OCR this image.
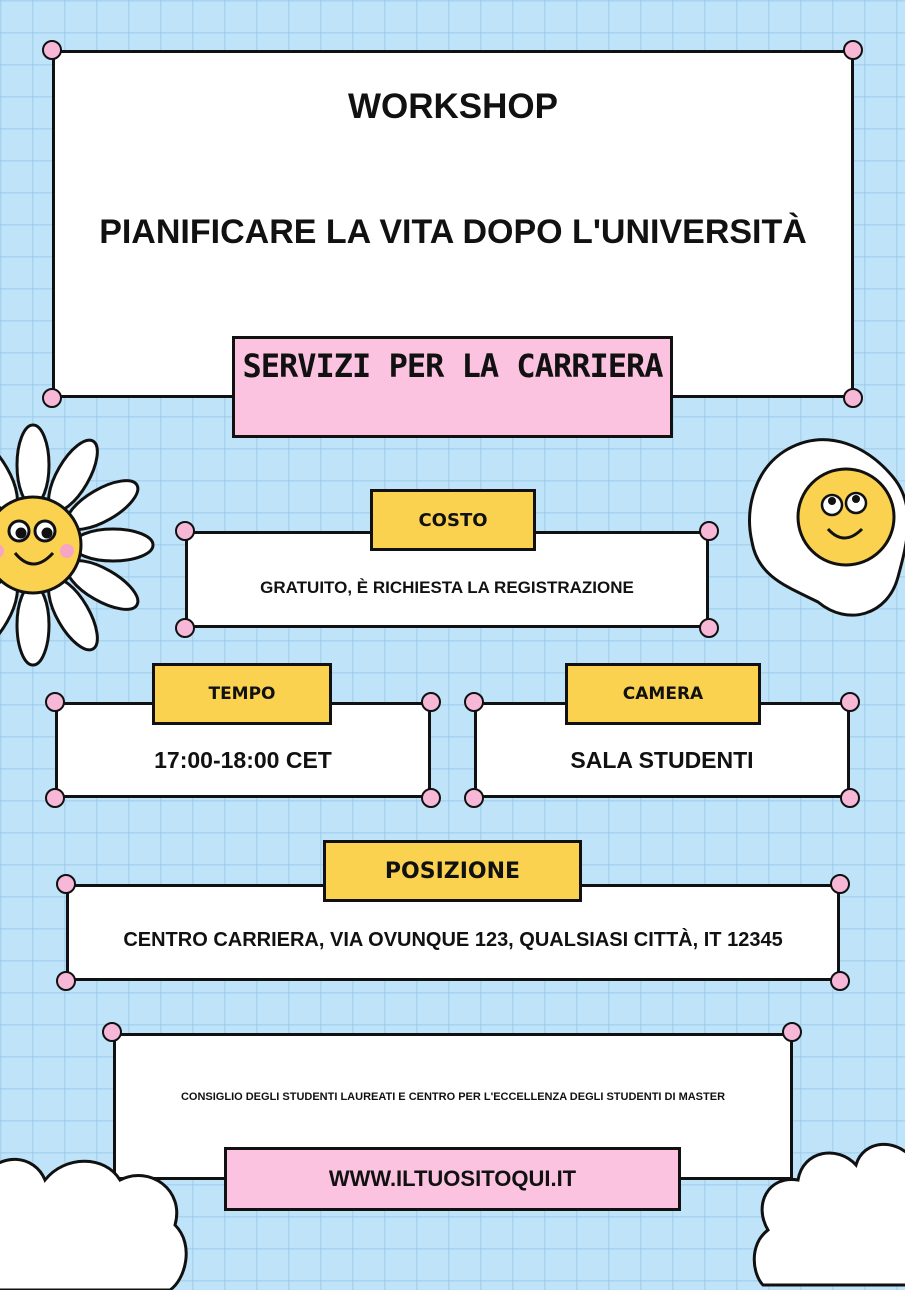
WORKSHOP
PIANIFICARE LA VITA DOPO L'UNIVERSITÀ
SERVIZI PER LA CARRIERA
GRATUITO, È RICHIESTA LA REGISTRAZIONE
COSTO
17:00-18:00 CET
TEMPO
SALA STUDENTI
CAMERA
CENTRO CARRIERA, VIA OVUNQUE 123, QUALSIASI CITTÀ, IT 12345
POSIZIONE
CONSIGLIO DEGLI STUDENTI LAUREATI E CENTRO PER L'ECCELLENZA DEGLI STUDENTI DI MASTER
WWW.ILTUOSITOQUI.IT
